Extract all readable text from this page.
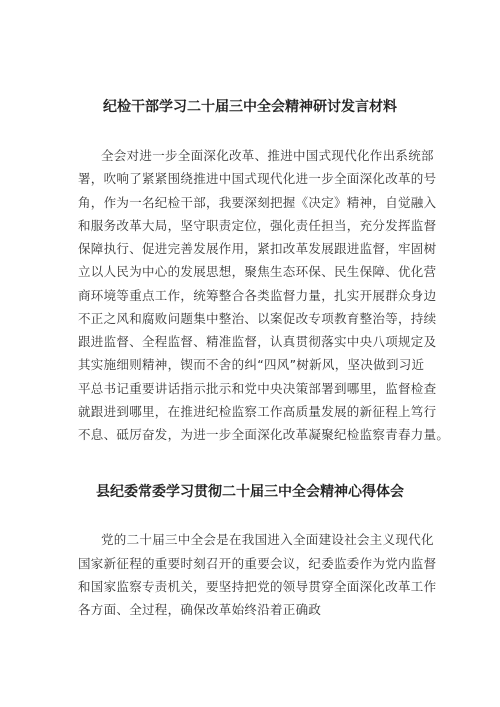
纪检干部学习二十届三中全会精神研讨发言材料
全会对进一步全面深化改革、推进中国式现代化作出系统部
署，吹响了紧紧围绕推进中国式现代化进一步全面深化改革的号
角，作为一名纪检干部，我要深刻把握《决定》精神，自觉融入
和服务改革大局，坚守职责定位，强化责任担当，充分发挥监督
保障执行、促进完善发展作用，紧扣改革发展跟进监督，牢固树
立以人民为中心的发展思想，聚焦生态环保、民生保障、优化营
商环境等重点工作，统筹整合各类监督力量，扎实开展群众身边
不正之风和腐败问题集中整治、以案促改专项教育整治等，持续
跟进监督、全程监督、精准监督，认真贯彻落实中央八项规定及
其实施细则精神，锲而不舍的纠“四风”树新风，坚决做到习近
平总书记重要讲话指示批示和党中央决策部署到哪里，监督检查
就跟进到哪里，在推进纪检监察工作高质量发展的新征程上笃行
不息、砥厉奋发，为进一步全面深化改革凝聚纪检监察青春力量。
县纪委常委学习贯彻二十届三中全会精神心得体会
党的二十届三中全会是在我国进入全面建设社会主义现代化
国家新征程的重要时刻召开的重要会议，纪委监委作为党内监督
和国家监察专责机关，要坚持把党的领导贯穿全面深化改革工作
各方面、全过程，确保改革始终沿着正确政
